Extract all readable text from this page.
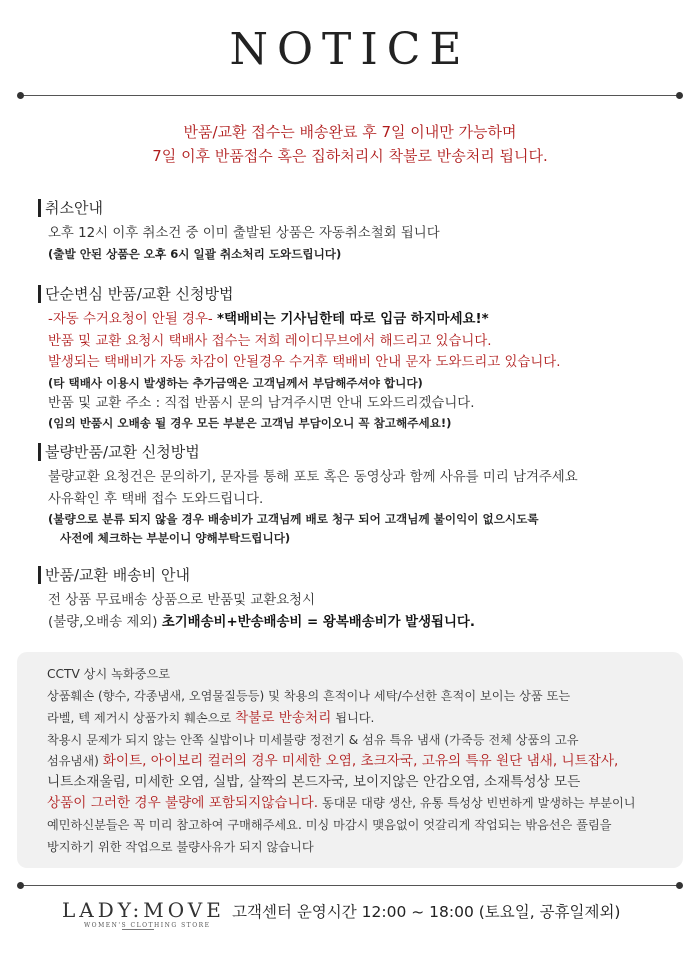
NOTICE
반품/교환 접수는 배송완료 후 7일 이내만 가능하며
7일 이후 반품접수 혹은 집하처리시 착불로 반송처리 됩니다.
취소안내
오후 12시 이후 취소건 중 이미 출발된 상품은 자동취소철회 됩니다
(출발 안된 상품은 오후 6시 일괄 취소처리 도와드립니다)
단순변심 반품/교환 신청방법
-자동 수거요청이 안될 경우- *택배비는 기사님한테 따로 입금 하지마세요!*
반품 및 교환 요청시 택배사 접수는 저희 레이디무브에서 해드리고 있습니다.
발생되는 택배비가 자동 차감이 안될경우 수거후 택배비 안내 문자 도와드리고 있습니다.
(타 택배사 이용시 발생하는 추가금액은 고객님께서 부담해주셔야 합니다)
반품 및 교환 주소 : 직접 반품시 문의 남겨주시면 안내 도와드리겠습니다.
(임의 반품시 오배송 될 경우 모든 부분은 고객님 부담이오니 꼭 참고해주세요!)
불량반품/교환 신청방법
불량교환 요청건은 문의하기, 문자를 통해 포토 혹은 동영상과 함께 사유를 미리 남겨주세요
사유확인 후 택배 접수 도와드립니다.
(불량으로 분류 되지 않을 경우 배송비가 고객님께 배로 청구 되어 고객님께 불이익이 없으시도록
사전에 체크하는 부분이니 양해부탁드립니다)
반품/교환 배송비 안내
전 상품 무료배송 상품으로 반품및 교환요청시
(불량,오배송 제외) 초기배송비+반송배송비 = 왕복배송비가 발생됩니다.
CCTV 상시 녹화중으로
상품훼손 (향수, 각종냄새, 오염물질등등) 및 착용의 흔적이나 세탁/수선한 흔적이 보이는 상품 또는
라벨, 텍 제거시 상품가치 훼손으로 착불로 반송처리 됩니다.
착용시 문제가 되지 않는 안쪽 실밥이나 미세불량 정전기 & 섬유 특유 냄새 (가죽등 전체 상품의 고유
섬유냄새) 화이트, 아이보리 컬러의 경우 미세한 오염, 초크자국, 고유의 특유 원단 냄새, 니트잡사,
니트소재울림, 미세한 오염, 실밥, 살짝의 본드자국, 보이지않은 안감오염, 소재특성상 모든
상품이 그러한 경우 불량에 포함되지않습니다. 동대문 대량 생산, 유통 특성상 빈번하게 발생하는 부분이니
예민하신분들은 꼭 미리 참고하여 구매해주세요. 미싱 마감시 맺음없이 엇갈리게 작업되는 밖음선은 풀림을
방지하기 위한 작업으로 불량사유가 되지 않습니다
LADY:MOVE
WOMEN'S CLOTHING STORE
고객센터 운영시간 12:00 ~ 18:00 (토요일, 공휴일제외)
